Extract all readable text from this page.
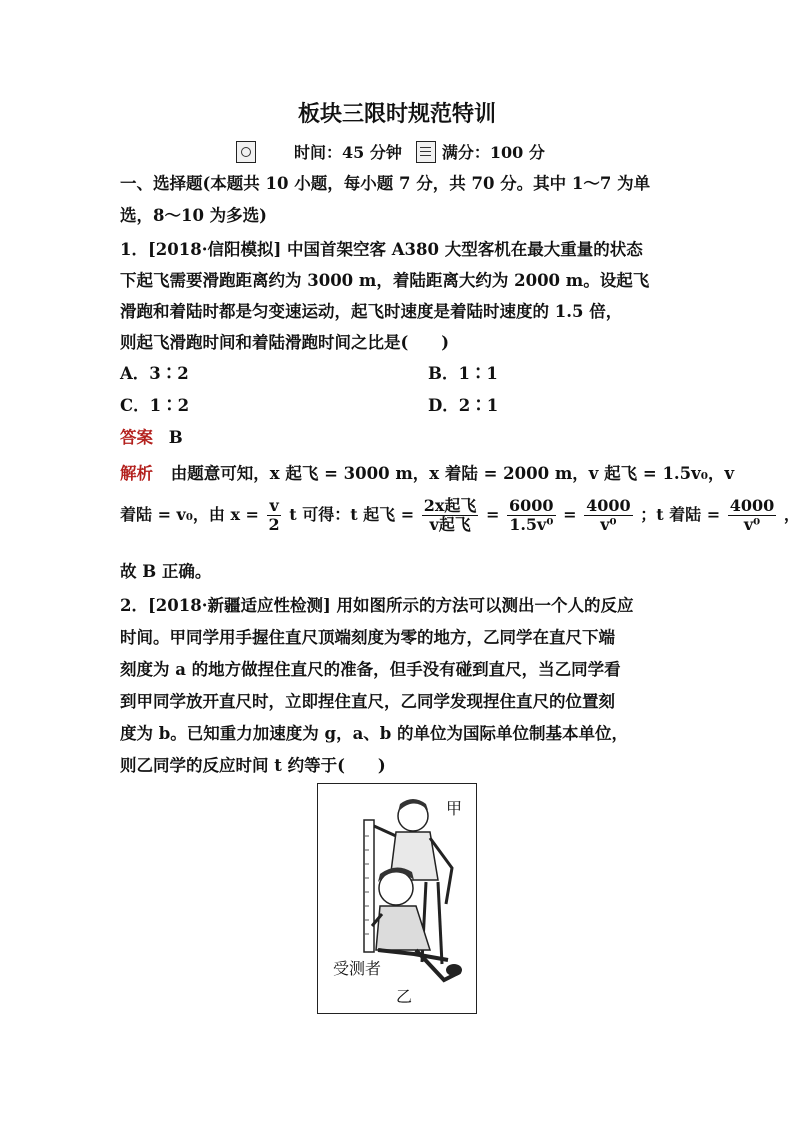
板块三限时规范特训
时间：45 分钟	满分：100 分
一、选择题(本题共 10 小题，每小题 7 分，共 70 分。其中 1～7 为单
选，8～10 为多选)
1．[2018·信阳模拟] 中国首架空客 A380 大型客机在最大重量的状态
下起飞需要滑跑距离约为 3000 m，着陆距离大约为 2000 m。设起飞
滑跑和着陆时都是匀变速运动，起飞时速度是着陆时速度的 1.5 倍，
则起飞滑跑时间和着陆滑跑时间之比是(　　)
A．3∶2	B．1∶1
C．1∶2	D．2∶1
答案 B
解析 由题意可知，x 起飞 = 3000 m，x 着陆 = 2000 m，v 起飞 = 1.5v₀，v
着陆 = v₀，由 $x = \frac{v}{2}$ t 可得：t 起飞 = $\frac{\text{2x起飞}}{\text{v起飞}} = \frac{6000}{\text{1.5v⁰}} = \frac{4000}{\text{v⁰}}$ ；t 着陆 = $\frac{4000}{\text{v⁰}}$ ，
故 B 正确。
2．[2018·新疆适应性检测] 用如图所示的方法可以测出一个人的反应
时间。甲同学用手握住直尺顶端刻度为零的地方，乙同学在直尺下端
刻度为 a 的地方做捏住直尺的准备，但手没有碰到直尺，当乙同学看
到甲同学放开直尺时，立即捏住直尺，乙同学发现捏住直尺的位置刻
度为 b。已知重力加速度为 g，a、b 的单位为国际单位制基本单位，
则乙同学的反应时间 t 约等于(　　)
甲
受测者
乙
